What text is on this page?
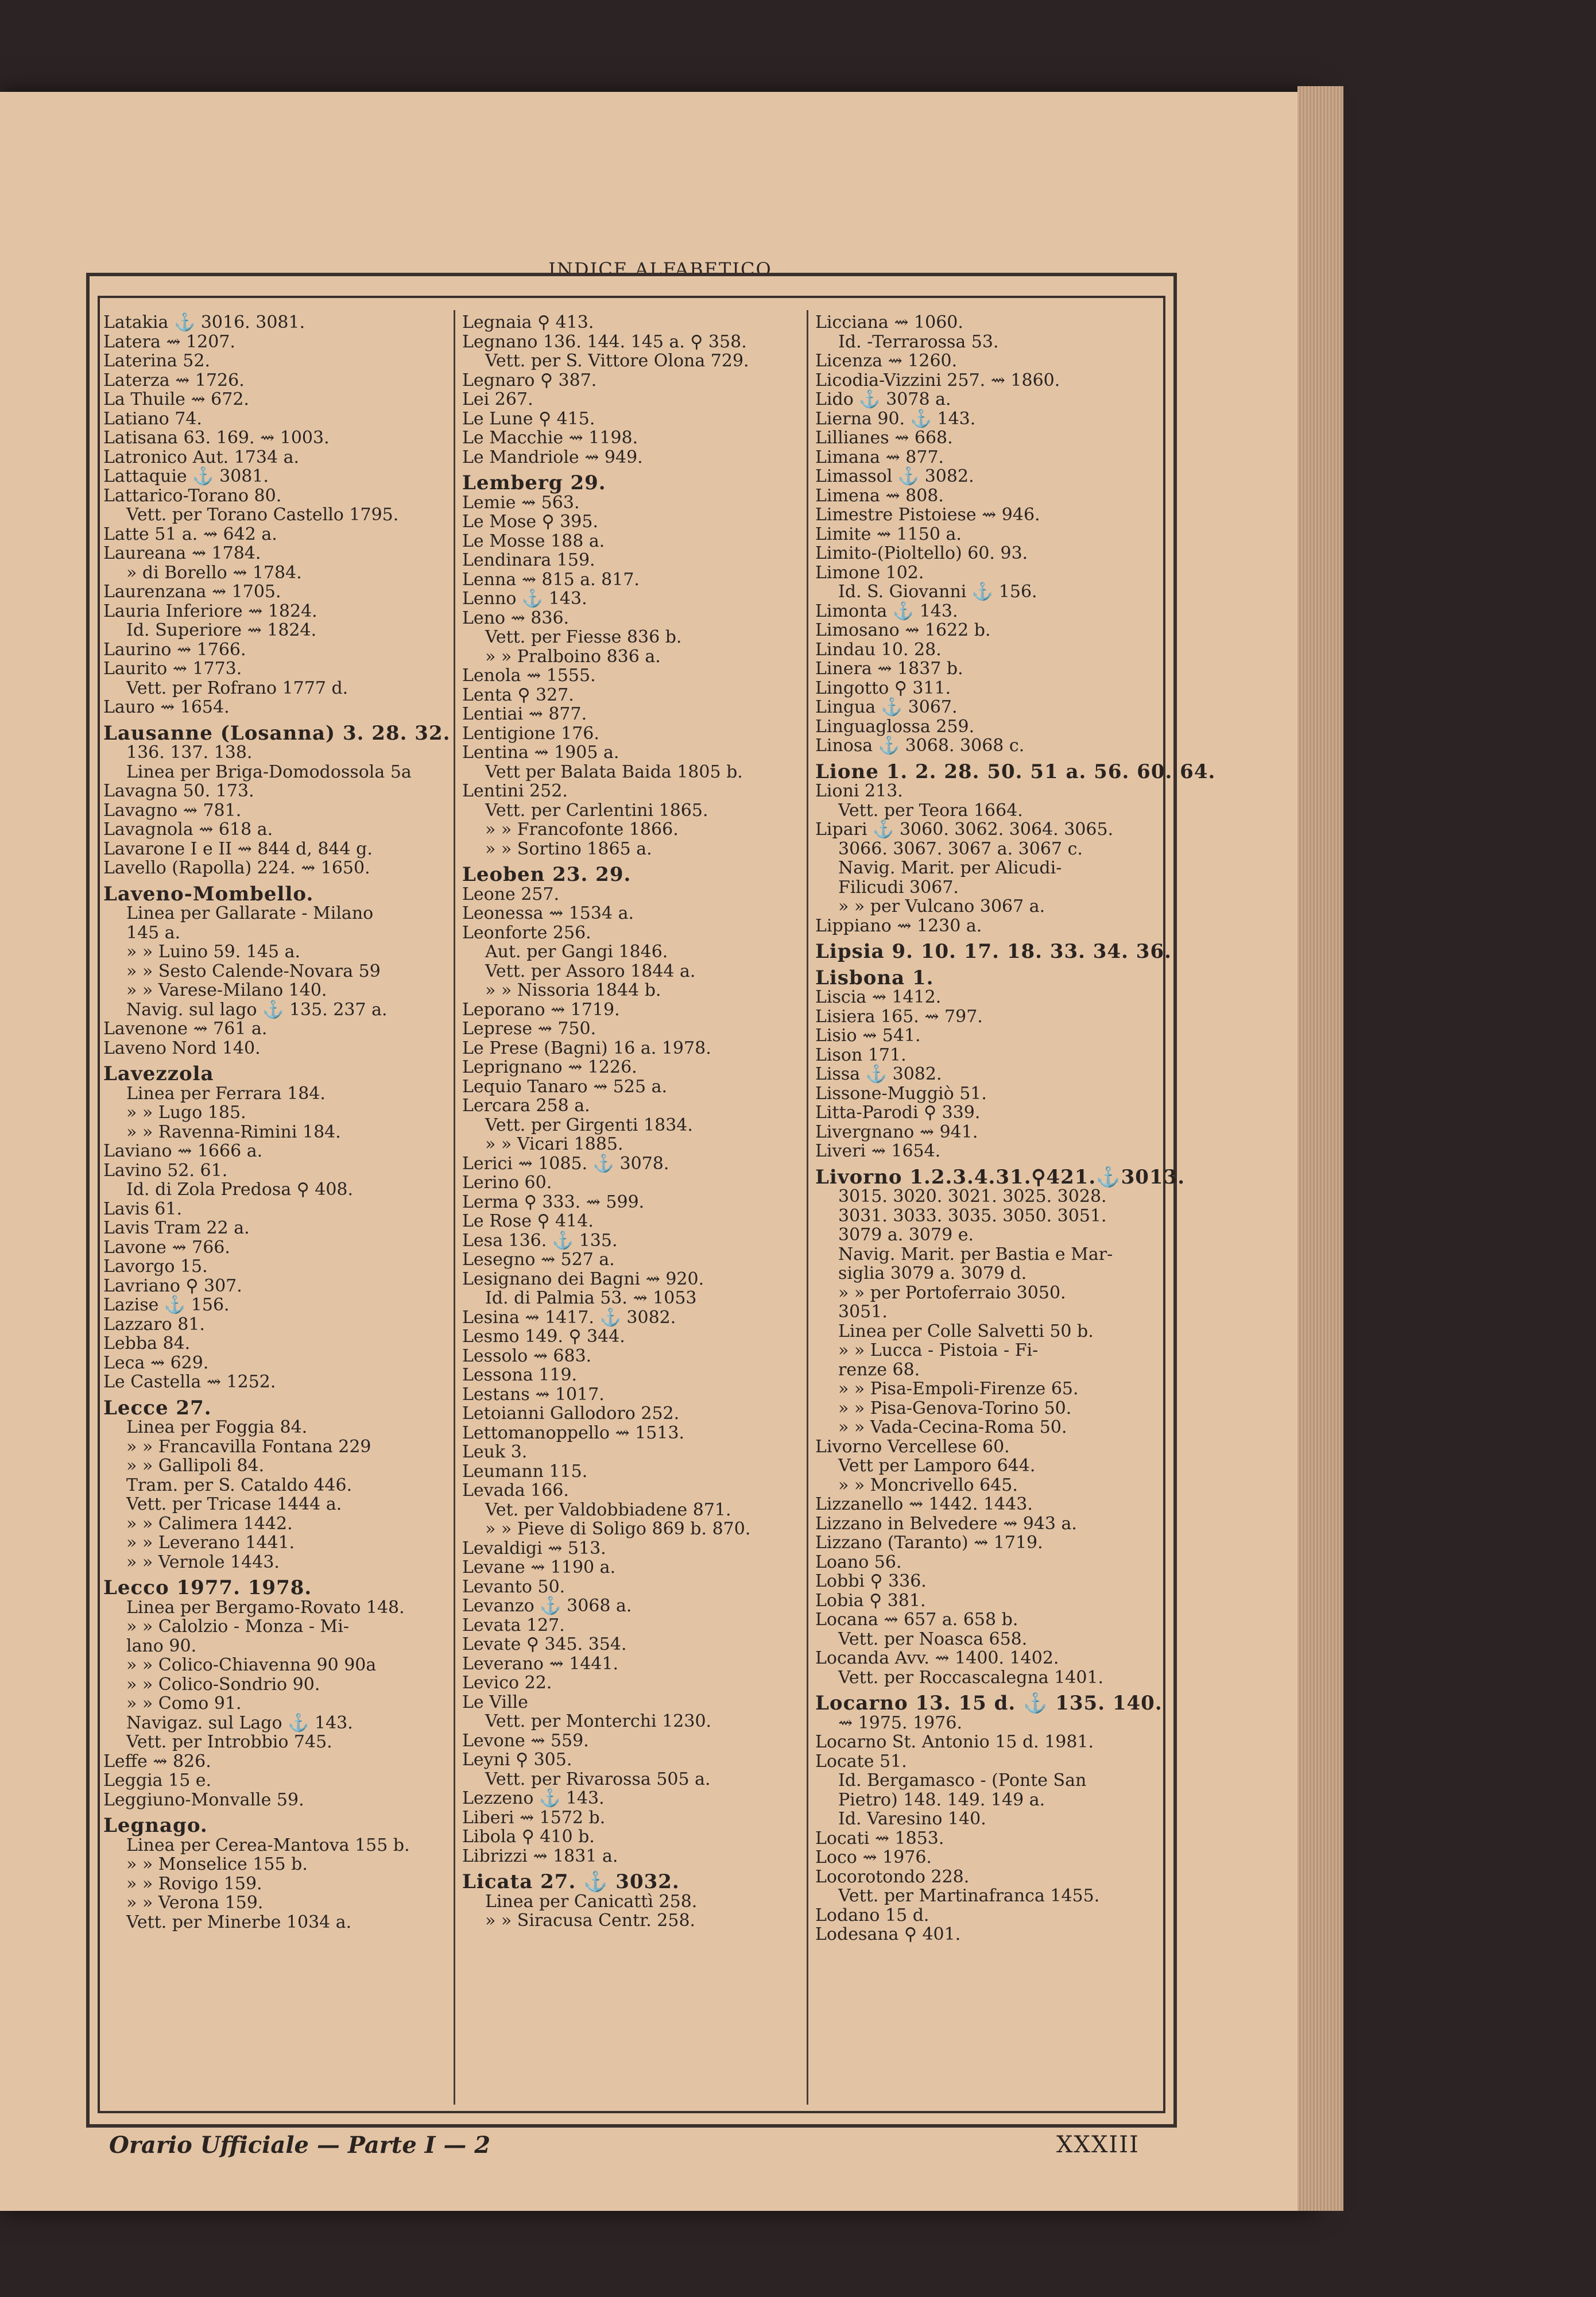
INDICE ALFABETICO
Latakia ⚓ 3016. 3081.
Latera ⇝ 1207.
Laterina 52.
Laterza ⇝ 1726.
La Thuile ⇝ 672.
Latiano 74.
Latisana 63. 169. ⇝ 1003.
Latronico Aut. 1734 a.
Lattaquie ⚓ 3081.
Lattarico-Torano 80.
Vett. per Torano Castello 1795.
Latte 51 a. ⇝ 642 a.
Laureana ⇝ 1784.
» di Borello ⇝ 1784.
Laurenzana ⇝ 1705.
Lauria Inferiore ⇝ 1824.
Id. Superiore ⇝ 1824.
Laurino ⇝ 1766.
Laurito ⇝ 1773.
Vett. per Rofrano 1777 d.
Lauro ⇝ 1654.
Lausanne (Losanna) 3. 28. 32.
136. 137. 138.
Linea per Briga-Domodossola 5a
Lavagna 50. 173.
Lavagno ⇝ 781.
Lavagnola ⇝ 618 a.
Lavarone I e II ⇝ 844 d, 844 g.
Lavello (Rapolla) 224. ⇝ 1650.
Laveno-Mombello.
Linea per Gallarate - Milano
145 a.
» » Luino 59. 145 a.
» » Sesto Calende-Novara 59
» » Varese-Milano 140.
Navig. sul lago ⚓ 135. 237 a.
Lavenone ⇝ 761 a.
Laveno Nord 140.
Lavezzola
Linea per Ferrara 184.
» » Lugo 185.
» » Ravenna-Rimini 184.
Laviano ⇝ 1666 a.
Lavino 52. 61.
Id. di Zola Predosa ⚲ 408.
Lavis 61.
Lavis Tram 22 a.
Lavone ⇝ 766.
Lavorgo 15.
Lavriano ⚲ 307.
Lazise ⚓ 156.
Lazzaro 81.
Lebba 84.
Leca ⇝ 629.
Le Castella ⇝ 1252.
Lecce 27.
Linea per Foggia 84.
» » Francavilla Fontana 229
» » Gallipoli 84.
Tram. per S. Cataldo 446.
Vett. per Tricase 1444 a.
» » Calimera 1442.
» » Leverano 1441.
» » Vernole 1443.
Lecco 1977. 1978.
Linea per Bergamo-Rovato 148.
» » Calolzio - Monza - Mi-
lano 90.
» » Colico-Chiavenna 90 90a
» » Colico-Sondrio 90.
» » Como 91.
Navigaz. sul Lago ⚓ 143.
Vett. per Introbbio 745.
Leffe ⇝ 826.
Leggia 15 e.
Leggiuno-Monvalle 59.
Legnago.
Linea per Cerea-Mantova 155 b.
» » Monselice 155 b.
» » Rovigo 159.
» » Verona 159.
Vett. per Minerbe 1034 a.
Legnaia ⚲ 413.
Legnano 136. 144. 145 a. ⚲ 358.
Vett. per S. Vittore Olona 729.
Legnaro ⚲ 387.
Lei 267.
Le Lune ⚲ 415.
Le Macchie ⇝ 1198.
Le Mandriole ⇝ 949.
Lemberg 29.
Lemie ⇝ 563.
Le Mose ⚲ 395.
Le Mosse 188 a.
Lendinara 159.
Lenna ⇝ 815 a. 817.
Lenno ⚓ 143.
Leno ⇝ 836.
Vett. per Fiesse 836 b.
» » Pralboino 836 a.
Lenola ⇝ 1555.
Lenta ⚲ 327.
Lentiai ⇝ 877.
Lentigione 176.
Lentina ⇝ 1905 a.
Vett per Balata Baida 1805 b.
Lentini 252.
Vett. per Carlentini 1865.
» » Francofonte 1866.
» » Sortino 1865 a.
Leoben 23. 29.
Leone 257.
Leonessa ⇝ 1534 a.
Leonforte 256.
Aut. per Gangi 1846.
Vett. per Assoro 1844 a.
» » Nissoria 1844 b.
Leporano ⇝ 1719.
Leprese ⇝ 750.
Le Prese (Bagni) 16 a. 1978.
Leprignano ⇝ 1226.
Lequio Tanaro ⇝ 525 a.
Lercara 258 a.
Vett. per Girgenti 1834.
» » Vicari 1885.
Lerici ⇝ 1085. ⚓ 3078.
Lerino 60.
Lerma ⚲ 333. ⇝ 599.
Le Rose ⚲ 414.
Lesa 136. ⚓ 135.
Lesegno ⇝ 527 a.
Lesignano dei Bagni ⇝ 920.
Id. di Palmia 53. ⇝ 1053
Lesina ⇝ 1417. ⚓ 3082.
Lesmo 149. ⚲ 344.
Lessolo ⇝ 683.
Lessona 119.
Lestans ⇝ 1017.
Letoianni Gallodoro 252.
Lettomanoppello ⇝ 1513.
Leuk 3.
Leumann 115.
Levada 166.
Vet. per Valdobbiadene 871.
» » Pieve di Soligo 869 b. 870.
Levaldigi ⇝ 513.
Levane ⇝ 1190 a.
Levanto 50.
Levanzo ⚓ 3068 a.
Levata 127.
Levate ⚲ 345. 354.
Leverano ⇝ 1441.
Levico 22.
Le Ville
Vett. per Monterchi 1230.
Levone ⇝ 559.
Leyni ⚲ 305.
Vett. per Rivarossa 505 a.
Lezzeno ⚓ 143.
Liberi ⇝ 1572 b.
Libola ⚲ 410 b.
Librizzi ⇝ 1831 a.
Licata 27. ⚓ 3032.
Linea per Canicattì 258.
» » Siracusa Centr. 258.
Licciana ⇝ 1060.
Id. -Terrarossa 53.
Licenza ⇝ 1260.
Licodia-Vizzini 257. ⇝ 1860.
Lido ⚓ 3078 a.
Lierna 90. ⚓ 143.
Lillianes ⇝ 668.
Limana ⇝ 877.
Limassol ⚓ 3082.
Limena ⇝ 808.
Limestre Pistoiese ⇝ 946.
Limite ⇝ 1150 a.
Limito-(Pioltello) 60. 93.
Limone 102.
Id. S. Giovanni ⚓ 156.
Limonta ⚓ 143.
Limosano ⇝ 1622 b.
Lindau 10. 28.
Linera ⇝ 1837 b.
Lingotto ⚲ 311.
Lingua ⚓ 3067.
Linguaglossa 259.
Linosa ⚓ 3068. 3068 c.
Lione 1. 2. 28. 50. 51 a. 56. 60. 64.
Lioni 213.
Vett. per Teora 1664.
Lipari ⚓ 3060. 3062. 3064. 3065.
3066. 3067. 3067 a. 3067 c.
Navig. Marit. per Alicudi-
Filicudi 3067.
» » per Vulcano 3067 a.
Lippiano ⇝ 1230 a.
Lipsia 9. 10. 17. 18. 33. 34. 36.
Lisbona 1.
Liscia ⇝ 1412.
Lisiera 165. ⇝ 797.
Lisio ⇝ 541.
Lison 171.
Lissa ⚓ 3082.
Lissone-Muggiò 51.
Litta-Parodi ⚲ 339.
Livergnano ⇝ 941.
Liveri ⇝ 1654.
Livorno 1.2.3.4.31.⚲421.⚓3013.
3015. 3020. 3021. 3025. 3028.
3031. 3033. 3035. 3050. 3051.
3079 a. 3079 e.
Navig. Marit. per Bastia e Mar-
siglia 3079 a. 3079 d.
» » per Portoferraio 3050.
3051.
Linea per Colle Salvetti 50 b.
» » Lucca - Pistoia - Fi-
renze 68.
» » Pisa-Empoli-Firenze 65.
» » Pisa-Genova-Torino 50.
» » Vada-Cecina-Roma 50.
Livorno Vercellese 60.
Vett per Lamporo 644.
» » Moncrivello 645.
Lizzanello ⇝ 1442. 1443.
Lizzano in Belvedere ⇝ 943 a.
Lizzano (Taranto) ⇝ 1719.
Loano 56.
Lobbi ⚲ 336.
Lobia ⚲ 381.
Locana ⇝ 657 a. 658 b.
Vett. per Noasca 658.
Locanda Avv. ⇝ 1400. 1402.
Vett. per Roccascalegna 1401.
Locarno 13. 15 d. ⚓ 135. 140.
⇝ 1975. 1976.
Locarno St. Antonio 15 d. 1981.
Locate 51.
Id. Bergamasco - (Ponte San
Pietro) 148. 149. 149 a.
Id. Varesino 140.
Locati ⇝ 1853.
Loco ⇝ 1976.
Locorotondo 228.
Vett. per Martinafranca 1455.
Lodano 15 d.
Lodesana ⚲ 401.
Orario Ufficiale — Parte I — 2	XXXIII
